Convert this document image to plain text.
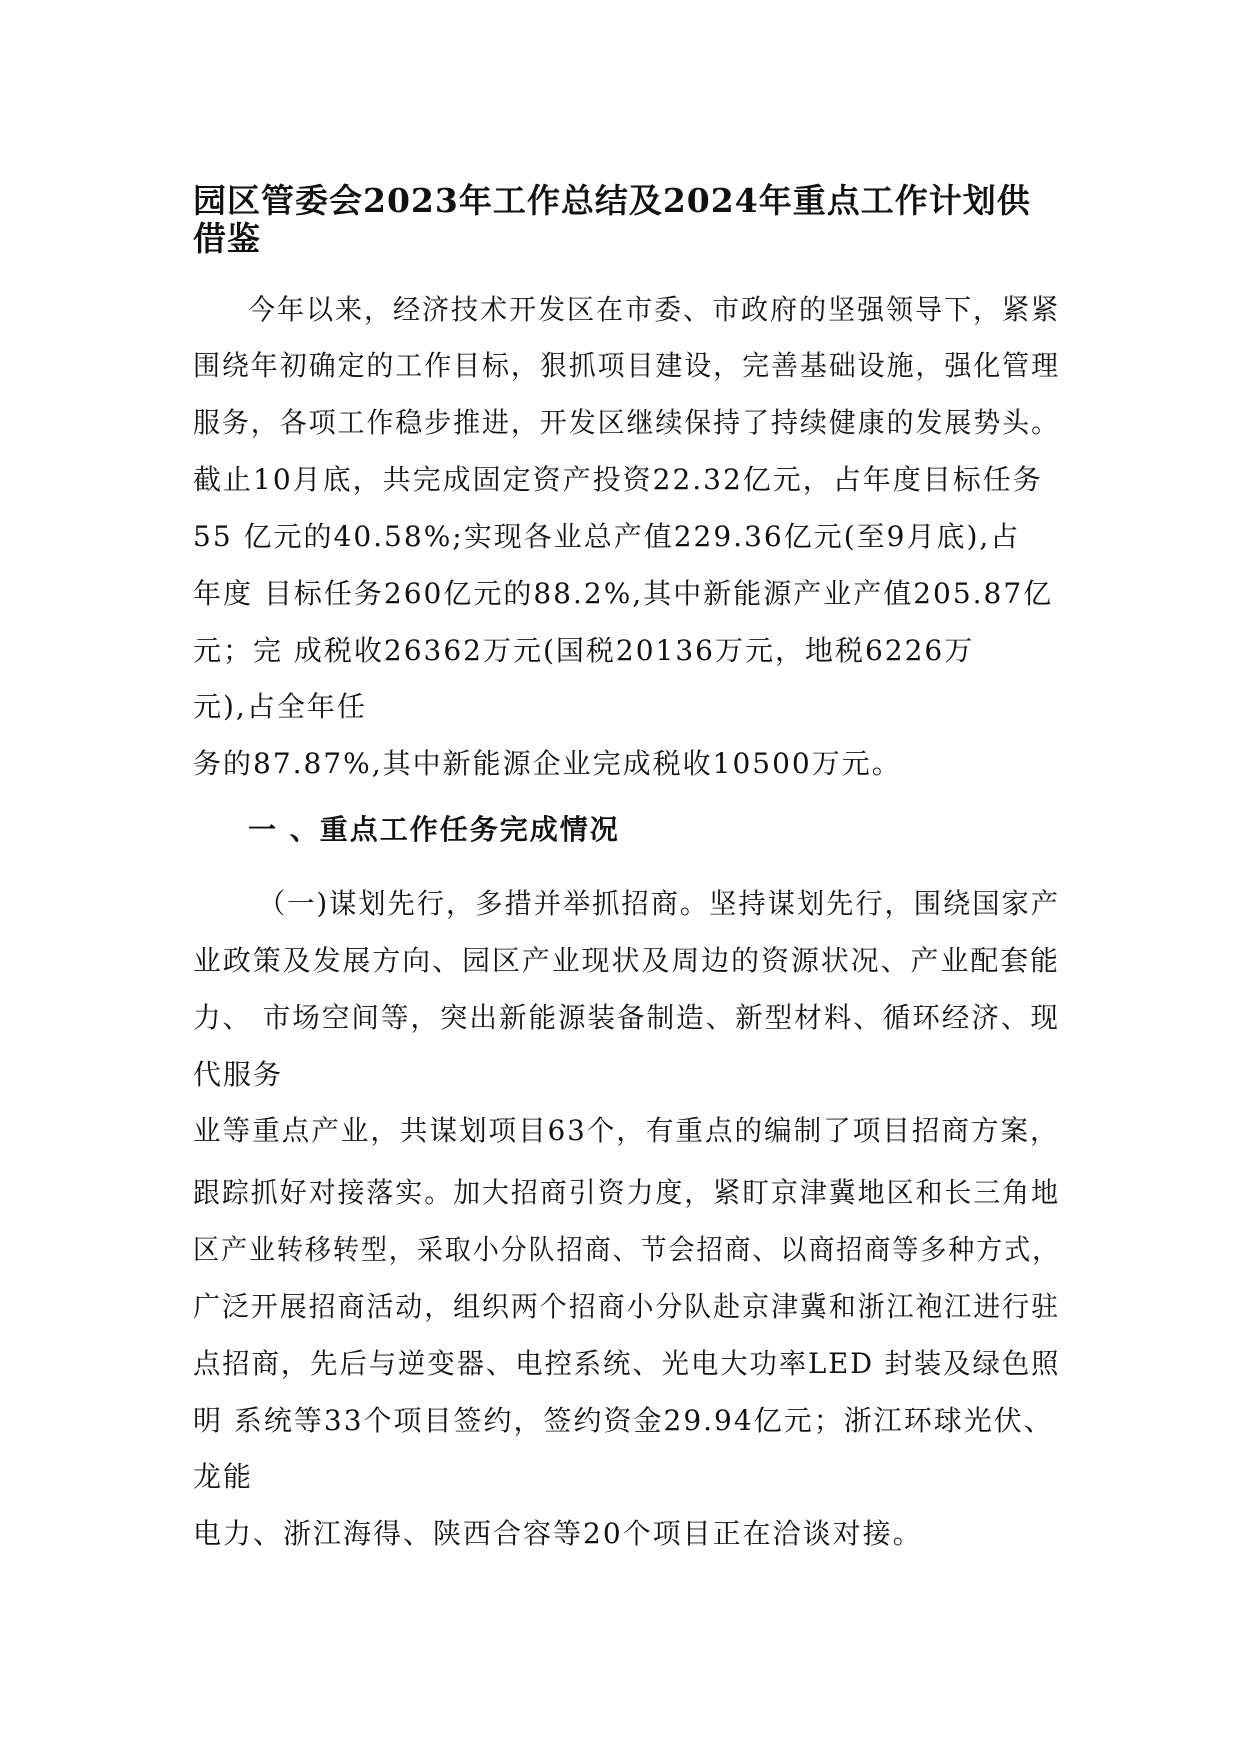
园区管委会2023年工作总结及2024年重点工作计划供借鉴

今年以来，经济技术开发区在市委、市政府的坚强领导下，紧紧

围绕年初确定的工作目标，狠抓项目建设，完善基础设施，强化管理

服务，各项工作稳步推进，开发区继续保持了持续健康的发展势头。

截止10月底，共完成固定资产投资22.32亿元，占年度目标任务

55 亿元的40.58%;实现各业总产值229.36亿元(至9月底),占

年度 目标任务260亿元的88.2%,其中新能源产业产值205.87亿

元；完 成税收26362万元(国税20136万元，地税6226万

元),占全年任

务的87.87%,其中新能源企业完成税收10500万元。

一 、重点工作任务完成情况

（一)谋划先行，多措并举抓招商。坚持谋划先行，围绕国家产

业政策及发展方向、园区产业现状及周边的资源状况、产业配套能

力、 市场空间等，突出新能源装备制造、新型材料、循环经济、现

代服务

业等重点产业，共谋划项目63个，有重点的编制了项目招商方案，

跟踪抓好对接落实。加大招商引资力度，紧盯京津冀地区和长三角地

区产业转移转型，采取小分队招商、节会招商、以商招商等多种方式，

广泛开展招商活动，组织两个招商小分队赴京津冀和浙江袍江进行驻

点招商，先后与逆变器、电控系统、光电大功率LED 封装及绿色照

明 系统等33个项目签约，签约资金29.94亿元；浙江环球光伏、

龙能

电力、浙江海得、陕西合容等20个项目正在洽谈对接。
